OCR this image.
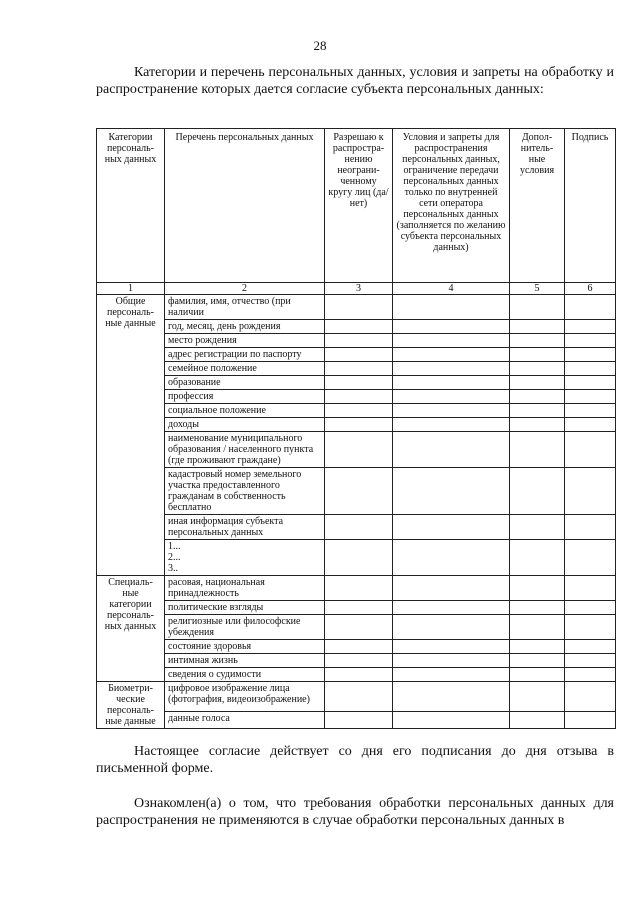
28

Категории и перечень персональных данных, условия и запреты на обработку и распространение которых дается согласие субъекта персональных данных:

Категории персональ-ных данных	Перечень персональных данных	Разрешаю к распростра-нению неограни-ченному кругу лиц (да/нет)	Условия и запреты для распространения персональных данных, ограничение передачи персональных данных только по внутренней сети оператора персональных данных (заполняется по желанию субъекта персональных данных)	Допол-нитель-ные условия	Подпись
1	2	3	4	5	6
Общие персональ-ные данные	фамилия, имя, отчество (при наличии				
	год, месяц, день рождения				
	место рождения				
	адрес регистрации по паспорту				
	семейное положение				
	образование				
	профессия				
	социальное положение				
	доходы				
	наименование муниципального образования / населенного пункта (где проживают граждане)				
	кадастровый номер земельного участка предоставленного гражданам в собственность бесплатно				
	иная информация субъекта персональных данных				
	1...
2...
3..				
Специаль-ные категории персональ-ных данных	расовая, национальная принадлежность				
	политические взгляды				
	религиозные или философские убеждения				
	состояние здоровья				
	интимная жизнь				
	сведения о судимости				
Биометри-ческие персональ-ные данные	цифровое изображение лица (фотография, видеоизображение)				
	данные голоса				

Настоящее согласие действует со дня его подписания до дня отзыва в письменной форме.

Ознакомлен(а) о том, что требования обработки персональных данных для распространения не применяются в случае обработки персональных данных в
